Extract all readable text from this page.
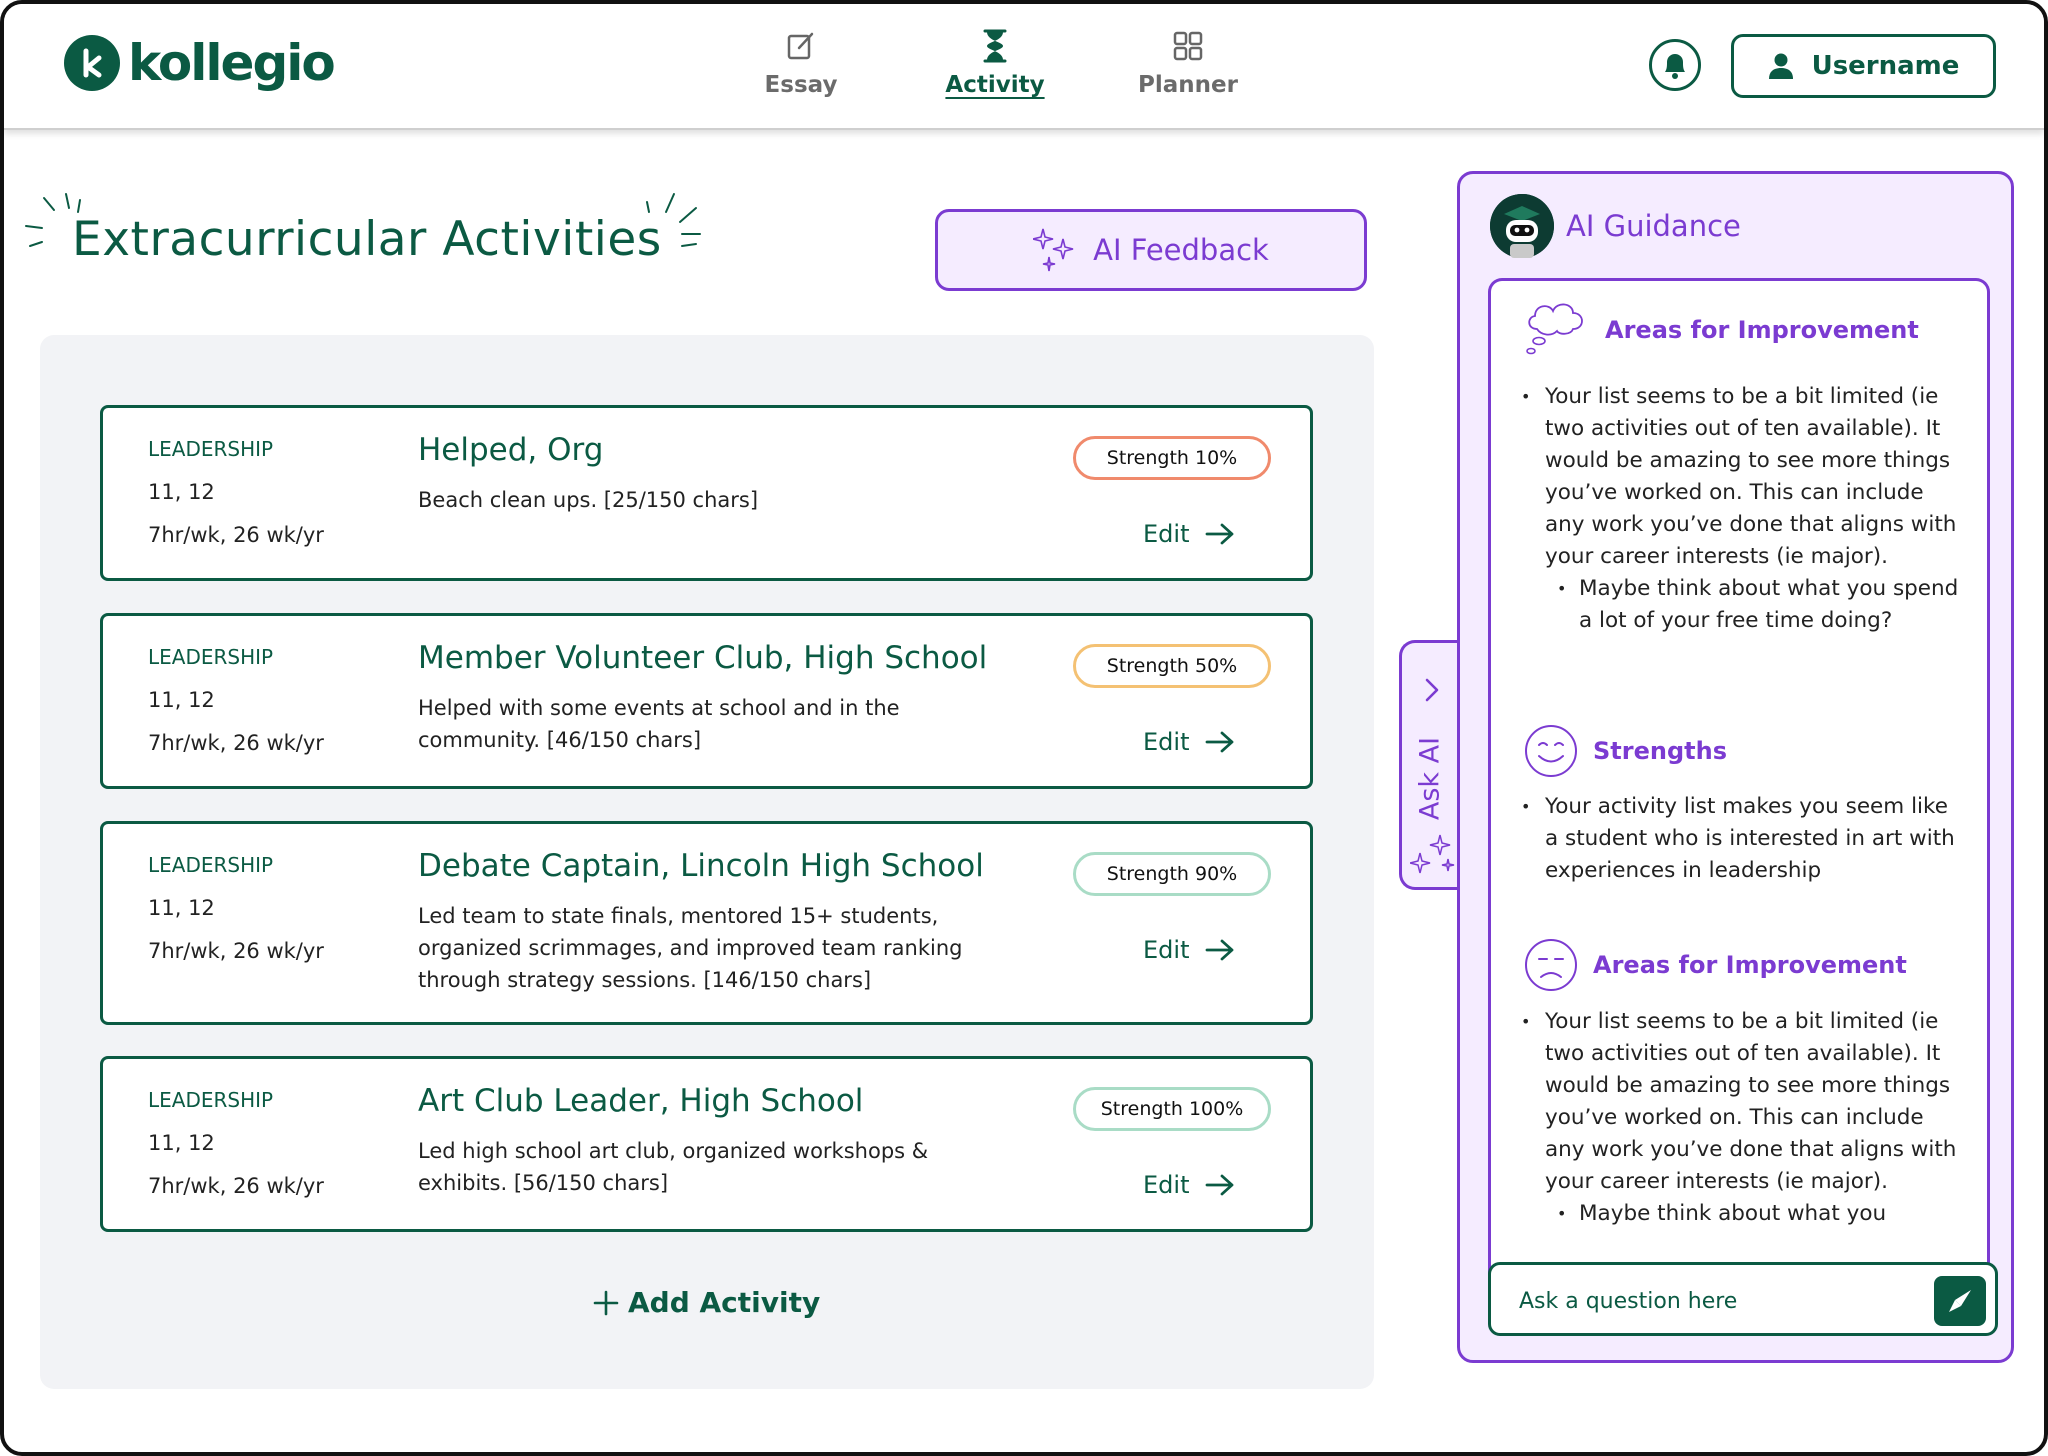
kollegio	Essay	Activity	Planner
Username
Extracurricular Activities	AI Feedback
LEADERSHIP
11, 12
7hr/wk, 26 wk/yr
Helped, Org
Beach clean ups. [25/150 chars]
Strength 10%
Edit
LEADERSHIP
11, 12
7hr/wk, 26 wk/yr
Member Volunteer Club, High School
Helped with some events at school and in the community. [46/150 chars]
Strength 50%
Edit
LEADERSHIP
11, 12
7hr/wk, 26 wk/yr
Debate Captain, Lincoln High School
Led team to state finals, mentored 15+ students, organized scrimmages, and improved team ranking through strategy sessions. [146/150 chars]
Strength 90%
Edit
LEADERSHIP
11, 12
7hr/wk, 26 wk/yr
Art Club Leader, High School
Led high school art club, organized workshops & exhibits. [56/150 chars]
Strength 100%
Edit
Add Activity
Ask AI
AI Guidance
Areas for Improvement
• Your list seems to be a bit limited (ie two activities out of ten available). It would be amazing to see more things you’ve worked on. This can include any work you’ve done that aligns with your career interests (ie major).
• Maybe think about what you spend a lot of your free time doing?
Strengths
• Your activity list makes you seem like a student who is interested in art with experiences in leadership
Areas for Improvement
• Your list seems to be a bit limited (ie two activities out of ten available). It would be amazing to see more things you’ve worked on. This can include any work you’ve done that aligns with your career interests (ie major).
• Maybe think about what you
Ask a question here
